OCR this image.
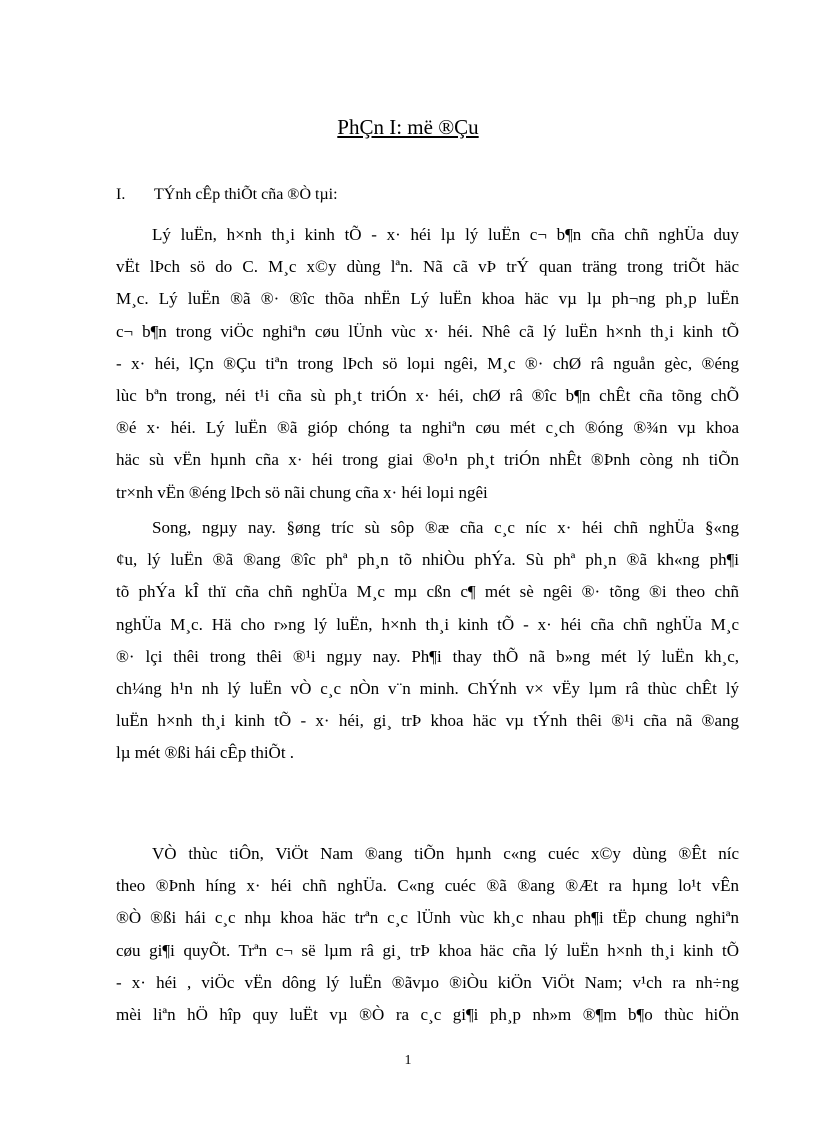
PhÇn I: më ®Çu
I. TÝnh cÊp thiÕt cña ®Ò tµi:
Lý luËn, h×nh th¸i kinh tÕ - x· héi lµ lý luËn c¬ b¶n cña chñ nghÜa duy
vËt lÞch sö do C. M¸c x©y dùng lªn. Nã cã vÞ trÝ quan träng trong triÕt häc
M¸c. Lý luËn ®ã ®· ®îc thõa nhËn Lý luËn khoa häc vµ lµ ph¬ng ph¸p luËn
c¬ b¶n trong viÖc nghiªn cøu lÜnh vùc x· héi. Nhê cã lý luËn h×nh th¸i kinh tÕ
- x· héi, lÇn ®Çu tiªn trong lÞch sö loµi ngêi, M¸c ®· chØ râ nguån gèc, ®éng
lùc bªn trong, néi t¹i cña sù ph¸t triÓn x· héi, chØ râ ®îc b¶n chÊt cña tõng chÕ
®é x· héi. Lý luËn ®ã gióp chóng ta nghiªn cøu mét c¸ch ®óng ®¾n vµ khoa
häc sù vËn hµnh cña x· héi trong giai ®o¹n ph¸t triÓn nhÊt ®Þnh còng nh tiÕn
tr×nh vËn ®éng lÞch sö nãi chung cña x· héi loµi ngêi
Song, ngµy nay. §øng tríc sù sôp ®æ cña c¸c níc x· héi chñ nghÜa §«ng
¢u, lý luËn ®ã ®ang ®îc phª ph¸n tõ nhiÒu phÝa. Sù phª ph¸n ®ã kh«ng ph¶i
tõ phÝa kÎ thï cña chñ nghÜa M¸c mµ cßn c¶ mét sè ngêi ®· tõng ®i theo chñ
nghÜa M¸c. Hä cho r»ng lý luËn, h×nh th¸i kinh tÕ - x· héi cña chñ nghÜa M¸c
®· lçi thêi trong thêi ®¹i ngµy nay. Ph¶i thay thÕ nã b»ng mét lý luËn kh¸c,
ch¼ng h¹n nh lý luËn vÒ c¸c nÒn v¨n minh. ChÝnh v× vËy lµm râ thùc chÊt lý
luËn h×nh th¸i kinh tÕ - x· héi, gi¸ trÞ khoa häc vµ tÝnh thêi ®¹i cña nã ®ang
lµ mét ®ßi hái cÊp thiÕt .
VÒ thùc tiÔn, ViÖt Nam ®ang tiÕn hµnh c«ng cuéc x©y dùng ®Êt níc
theo ®Þnh híng x· héi chñ nghÜa. C«ng cuéc ®ã ®ang ®Æt ra hµng lo¹t vÊn
®Ò ®ßi hái c¸c nhµ khoa häc trªn c¸c lÜnh vùc kh¸c nhau ph¶i tËp chung nghiªn
cøu gi¶i quyÕt. Trªn c¬ së lµm râ gi¸ trÞ khoa häc cña lý luËn h×nh th¸i kinh tÕ
- x· héi , viÖc vËn dông lý luËn ®ãvµo ®iÒu kiÖn ViÖt Nam; v¹ch ra nh÷ng
mèi liªn hÖ hîp quy luËt vµ ®Ò ra c¸c gi¶i ph¸p nh»m ®¶m b¶o thùc hiÖn
1
